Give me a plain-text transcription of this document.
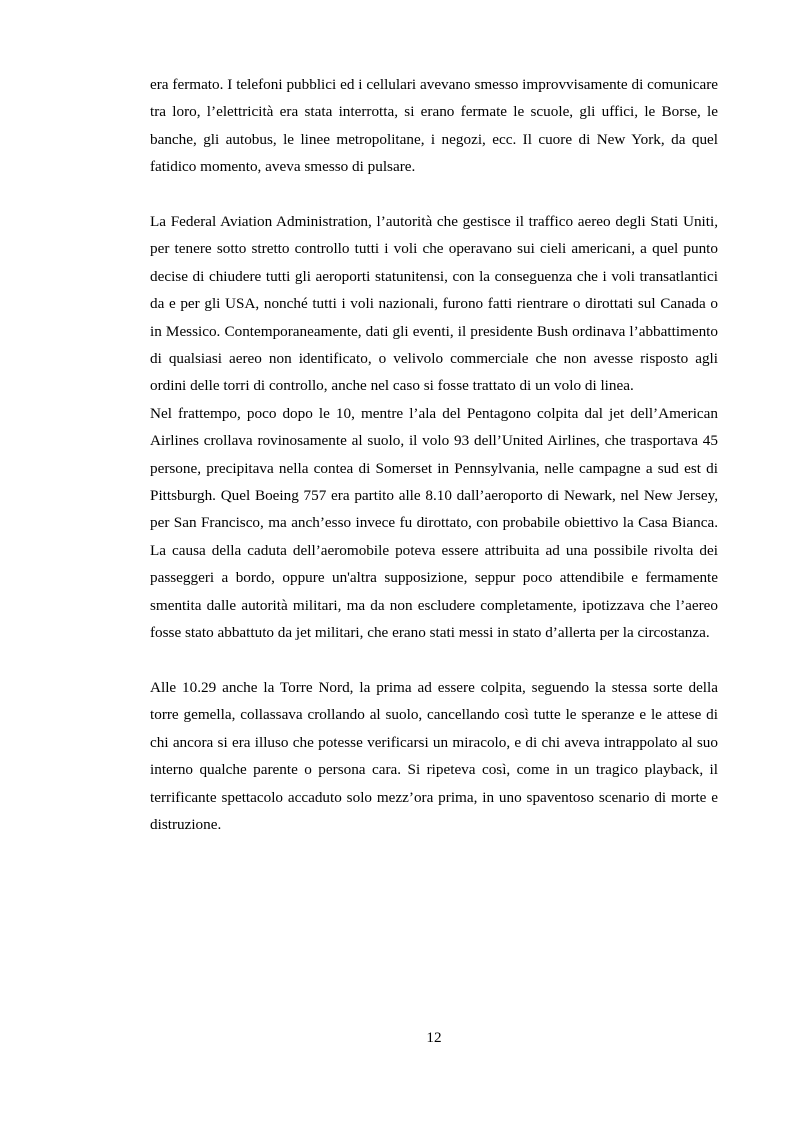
era fermato. I telefoni pubblici ed i cellulari avevano smesso improvvisamente di comunicare tra loro, l’elettricità era stata interrotta, si erano fermate le scuole, gli uffici, le Borse, le banche, gli autobus, le linee metropolitane, i negozi, ecc. Il cuore di New York, da quel fatidico momento, aveva smesso di pulsare.

La Federal Aviation Administration, l’autorità che gestisce il traffico aereo degli Stati Uniti, per tenere sotto stretto controllo tutti i voli che operavano sui cieli americani, a quel punto decise di chiudere tutti gli aeroporti statunitensi, con la conseguenza che i voli transatlantici da e per gli USA, nonché tutti i voli nazionali, furono fatti rientrare o dirottati sul Canada o in Messico. Contemporaneamente, dati gli eventi, il presidente Bush ordinava l’abbattimento di qualsiasi aereo non identificato, o velivolo commerciale che non avesse risposto agli ordini delle torri di controllo, anche nel caso si fosse trattato di un volo di linea.

Nel frattempo, poco dopo le 10, mentre l’ala del Pentagono colpita dal jet dell’American Airlines crollava rovinosamente al suolo, il volo 93 dell’United Airlines, che trasportava 45 persone, precipitava nella contea di Somerset in Pennsylvania, nelle campagne a sud est di Pittsburgh. Quel Boeing 757 era partito alle 8.10 dall’aeroporto di Newark, nel New Jersey, per San Francisco, ma anch’esso invece fu dirottato, con probabile obiettivo la Casa Bianca. La causa della caduta dell’aeromobile poteva essere attribuita ad una possibile rivolta dei passeggeri a bordo, oppure un'altra supposizione, seppur poco attendibile e fermamente smentita dalle autorità militari, ma da non escludere completamente, ipotizzava che l’aereo fosse stato abbattuto da jet militari, che erano stati messi in stato d’allerta per la circostanza.

Alle 10.29 anche la Torre Nord, la prima ad essere colpita, seguendo la stessa sorte della torre gemella, collassava crollando al suolo, cancellando così tutte le speranze e le attese di chi ancora si era illuso che potesse verificarsi un miracolo, e di chi aveva intrappolato al suo interno qualche parente o persona cara. Si ripeteva così, come in un tragico playback, il terrificante spettacolo accaduto solo mezz’ora prima, in uno spaventoso scenario di morte e distruzione.

12
